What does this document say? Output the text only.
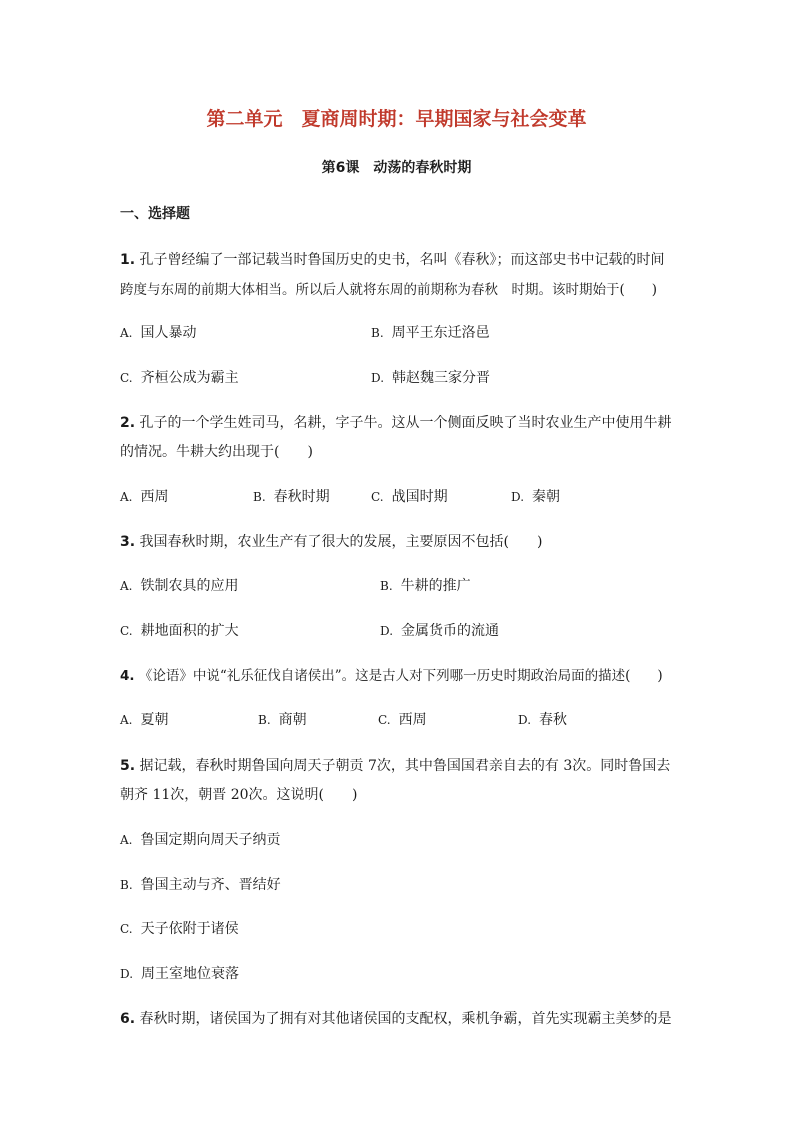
第二单元　夏商周时期：早期国家与社会变革
第6课　动荡的春秋时期
一、选择题
1. 孔子曾经编了一部记载当时鲁国历史的史书，名叫《春秋》；而这部史书中记载的时间
跨度与东周的前期大体相当。所以后人就将东周的前期称为春秋　时期。该时期始于(　　)
A. 国人暴动	B. 周平王东迁洛邑
C. 齐桓公成为霸主	D. 韩赵魏三家分晋
2. 孔子的一个学生姓司马，名耕，字子牛。这从一个侧面反映了当时农业生产中使用牛耕
的情况。牛耕大约出现于(　　)
A. 西周	B. 春秋时期	C. 战国时期	D. 秦朝
3. 我国春秋时期，农业生产有了很大的发展，主要原因不包括(　　)
A. 铁制农具的应用	B. 牛耕的推广
C. 耕地面积的扩大	D. 金属货币的流通
4. 《论语》中说“礼乐征伐自诸侯出”。这是古人对下列哪一历史时期政治局面的描述(　　)
A. 夏朝	B. 商朝	C. 西周	D. 春秋
5. 据记载，春秋时期鲁国向周天子朝贡 7次，其中鲁国国君亲自去的有 3次。同时鲁国去
朝齐 11次，朝晋 20次。这说明(　　)
A. 鲁国定期向周天子纳贡
B. 鲁国主动与齐、晋结好
C. 天子依附于诸侯
D. 周王室地位衰落
6. 春秋时期，诸侯国为了拥有对其他诸侯国的支配权，乘机争霸，首先实现霸主美梦的是
